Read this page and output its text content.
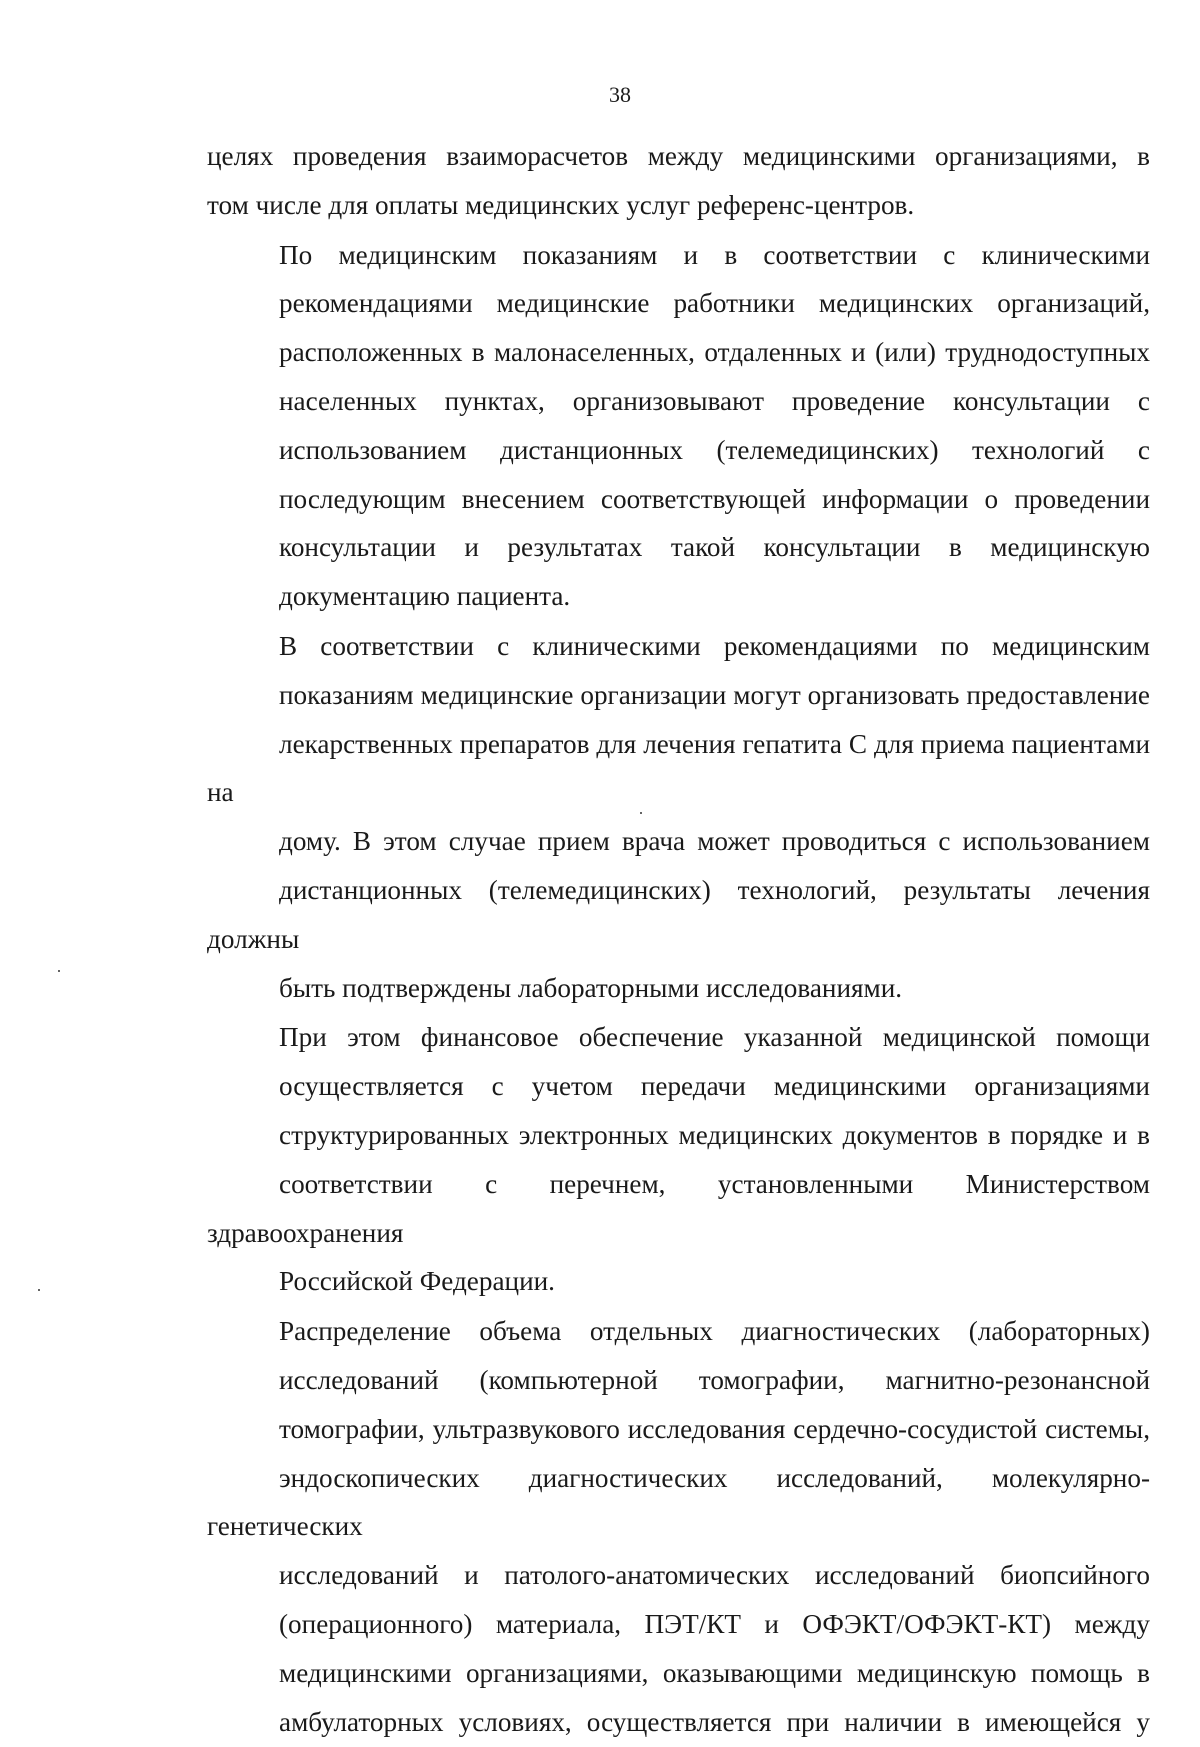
38

целях проведения взаиморасчетов между медицинскими организациями, в
том числе для оплаты медицинских услуг референс-центров.

По медицинским показаниям и в соответствии с клиническими
рекомендациями медицинские работники медицинских организаций,
расположенных в малонаселенных, отдаленных и (или) труднодоступных
населенных пунктах, организовывают проведение консультации с
использованием дистанционных (телемедицинских) технологий с
последующим внесением соответствующей информации о проведении
консультации и результатах такой консультации в медицинскую
документацию пациента.

В соответствии с клиническими рекомендациями по медицинским
показаниям медицинские организации могут организовать предоставление
лекарственных препаратов для лечения гепатита С для приема пациентами на
дому. В этом случае прием врача может проводиться с использованием
дистанционных (телемедицинских) технологий, результаты лечения должны
быть подтверждены лабораторными исследованиями.

При этом финансовое обеспечение указанной медицинской помощи
осуществляется с учетом передачи медицинскими организациями
структурированных электронных медицинских документов в порядке и в
соответствии с перечнем, установленными Министерством здравоохранения
Российской Федерации.

Распределение объема отдельных диагностических (лабораторных)
исследований (компьютерной томографии, магнитно-резонансной
томографии, ультразвукового исследования сердечно-сосудистой системы,
эндоскопических диагностических исследований, молекулярно-генетических
исследований и патолого-анатомических исследований биопсийного
(операционного) материала, ПЭТ/КТ и ОФЭКТ/ОФЭКТ-КТ) между
медицинскими организациями, оказывающими медицинскую помощь в
амбулаторных условиях, осуществляется при наличии в имеющейся у
